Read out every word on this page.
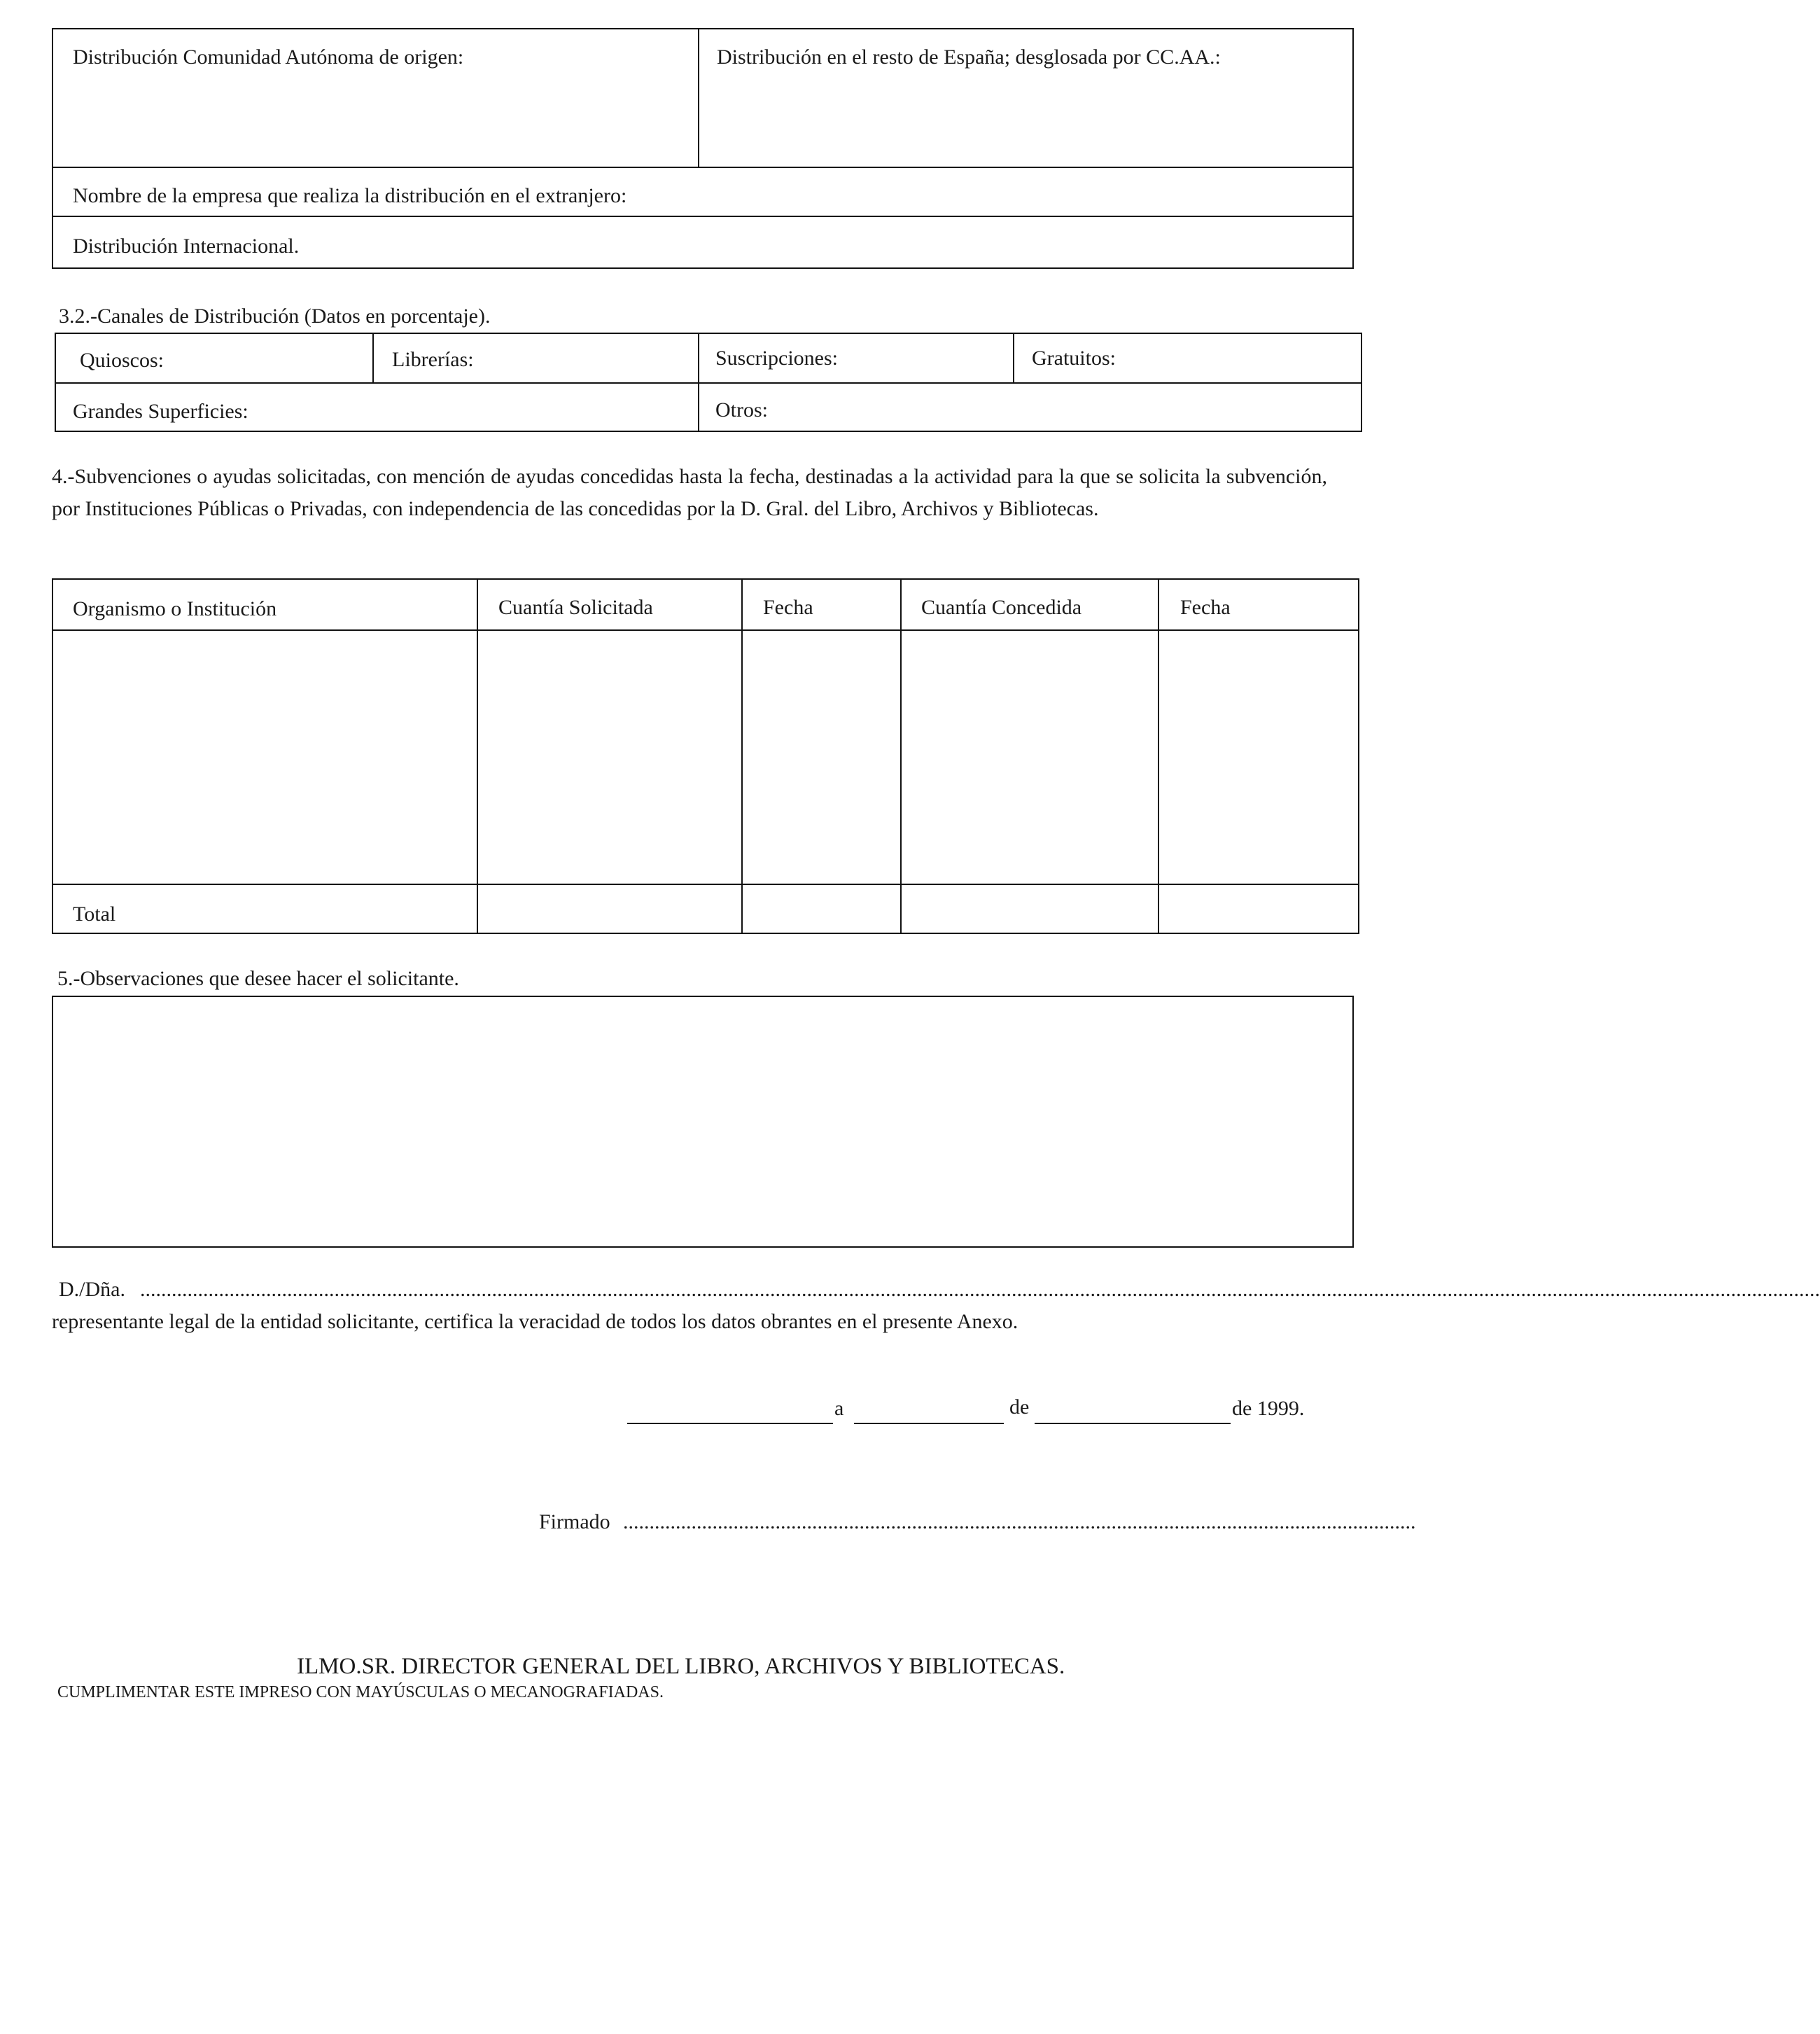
Distribución Comunidad Autónoma de origen:	Distribución en el resto de España; desglosada por CC.AA.:
Nombre de la empresa que realiza la distribución en el extranjero:
Distribución Internacional.
3.2.-Canales de Distribución (Datos en porcentaje).
Quioscos:	Librerías:	Suscripciones:	Gratuitos:
Grandes Superficies:	Otros:
4.-Subvenciones o ayudas solicitadas, con mención de ayudas concedidas hasta la fecha, destinadas a la actividad para la que se solicita la subvención, por Instituciones Públicas o Privadas, con independencia de las concedidas por la D. Gral. del Libro, Archivos y Bibliotecas.
Organismo o Institución	Cuantía Solicitada	Fecha	Cuantía Concedida	Fecha
Total
5.-Observaciones que desee hacer el solicitante.
D./Dña. ................................................................................................................................................................................................................................................................................................................................
representante legal de la entidad solicitante, certifica la veracidad de todos los datos obrantes en el presente Anexo.
a	de	de 1999.
Firmado .......................................................................................................................................................
ILMO.SR. DIRECTOR GENERAL DEL LIBRO, ARCHIVOS Y BIBLIOTECAS.
CUMPLIMENTAR ESTE IMPRESO CON MAYÚSCULAS O MECANOGRAFIADAS.
